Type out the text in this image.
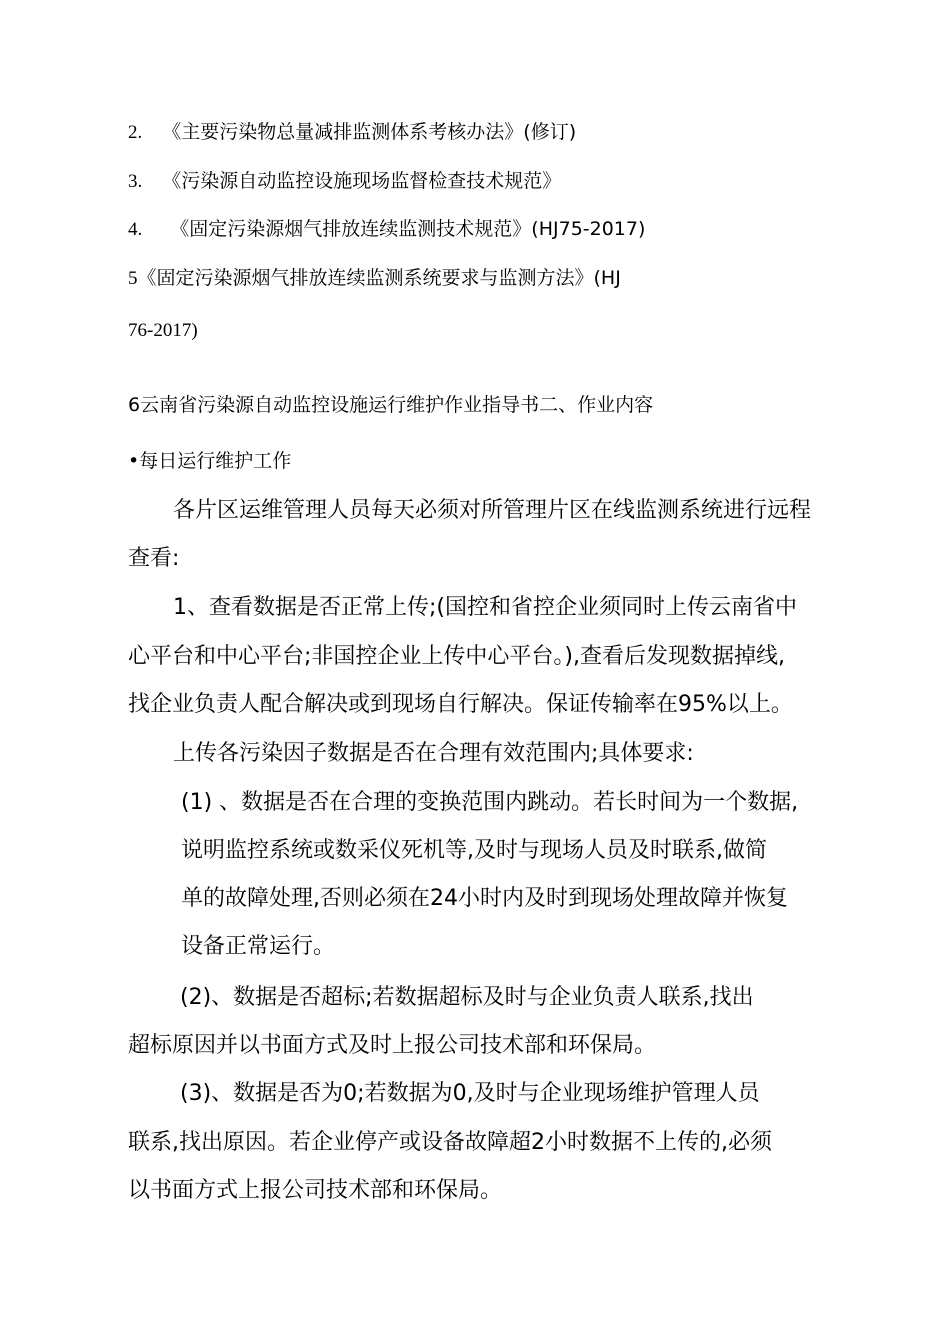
2. 《主要污染物总量减排监测体系考核办法》(修订)
3. 《污染源自动监控设施现场监督检查技术规范》
4. 《固定污染源烟气排放连续监测技术规范》(HJ75-2017)
5《固定污染源烟气排放连续监测系统要求与监测方法》(HJ
76-2017)
6云南省污染源自动监控设施运行维护作业指导书二、作业内容
•每日运行维护工作
各片区运维管理人员每天必须对所管理片区在线监测系统进行远程
查看:
1、查看数据是否正常上传;(国控和省控企业须同时上传云南省中
心平台和中心平台;非国控企业上传中心平台。),查看后发现数据掉线,
找企业负责人配合解决或到现场自行解决。保证传输率在95%以上。
上传各污染因子数据是否在合理有效范围内;具体要求:
(1) 、数据是否在合理的变换范围内跳动。若长时间为一个数据,
说明监控系统或数采仪死机等,及时与现场人员及时联系,做简
单的故障处理,否则必须在24小时内及时到现场处理故障并恢复
设备正常运行。
(2)、数据是否超标;若数据超标及时与企业负责人联系,找出
超标原因并以书面方式及时上报公司技术部和环保局。
(3)、数据是否为0;若数据为0,及时与企业现场维护管理人员
联系,找出原因。若企业停产或设备故障超2小时数据不上传的,必须
以书面方式上报公司技术部和环保局。
